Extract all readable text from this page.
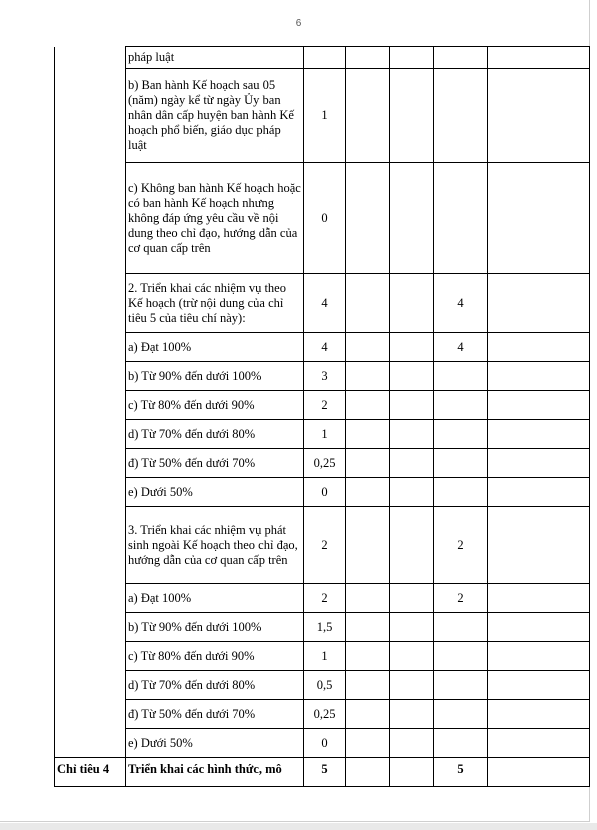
6
	pháp luật					
	b) Ban hành Kế hoạch sau 05 (năm) ngày kể từ ngày Ủy ban nhân dân cấp huyện ban hành Kế hoạch phổ biến, giáo dục pháp luật	1				
	c) Không ban hành Kế hoạch hoặc có ban hành Kế hoạch nhưng không đáp ứng yêu cầu về nội dung theo chỉ đạo, hướng dẫn của cơ quan cấp trên	0				
	2. Triển khai các nhiệm vụ theo Kế hoạch (trừ nội dung của chỉ tiêu 5 của tiêu chí này):	4			4	
	a) Đạt 100%	4			4	
	b) Từ 90% đến dưới 100%	3				
	c) Từ 80% đến dưới 90%	2				
	d) Từ 70% đến dưới 80%	1				
	đ) Từ 50% đến dưới 70%	0,25				
	e) Dưới 50%	0				
	3. Triển khai các nhiệm vụ phát sinh ngoài Kế hoạch theo chỉ đạo, hướng dẫn của cơ quan cấp trên	2			2	
	a) Đạt 100%	2			2	
	b) Từ 90% đến dưới 100%	1,5				
	c) Từ 80% đến dưới 90%	1				
	d) Từ 70% đến dưới 80%	0,5				
	đ) Từ 50% đến dưới 70%	0,25				
	e) Dưới 50%	0				
Chỉ tiêu 4	Triển khai các hình thức, mô	5			5	
